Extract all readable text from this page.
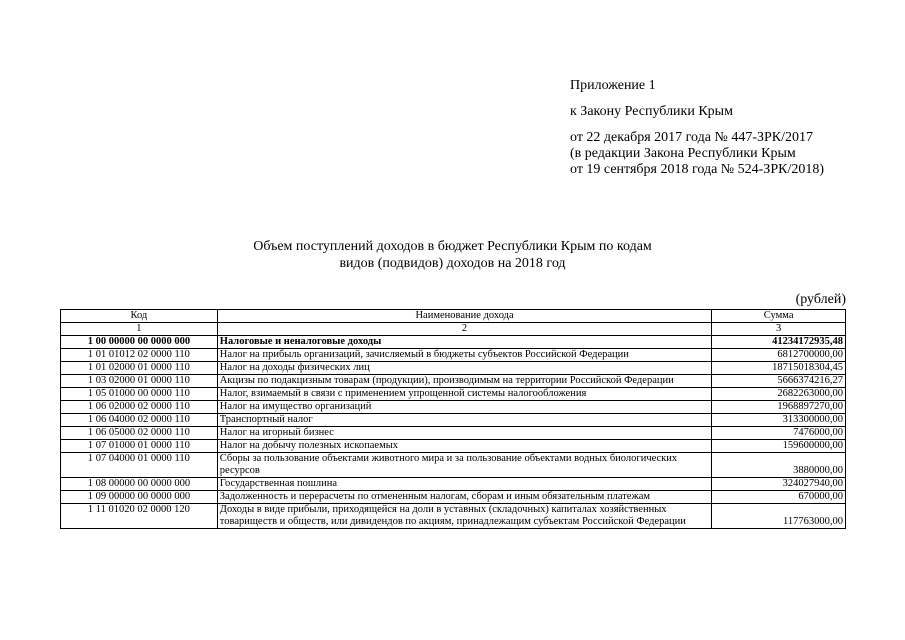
Приложение 1
к Закону Республики Крым
от 22 декабря 2017 года № 447-ЗРК/2017
(в редакции Закона Республики Крым
от 19 сентября 2018 года № 524-ЗРК/2018)
Объем поступлений доходов в бюджет Республики Крым по кодам
видов (подвидов) доходов на 2018 год
(рублей)
Код	Наименование дохода	Сумма
1	2	3
1 00 00000 00 0000 000	Налоговые и неналоговые доходы	41234172935,48
1 01 01012 02 0000 110	Налог на прибыль организаций, зачисляемый в бюджеты субъектов Российской Федерации	6812700000,00
1 01 02000 01 0000 110	Налог на доходы физических лиц	18715018304,45
1 03 02000 01 0000 110	Акцизы по подакцизным товарам (продукции), производимым на территории Российской Федерации	5666374216,27
1 05 01000 00 0000 110	Налог, взимаемый в связи с применением упрощенной системы налогообложения	2682263000,00
1 06 02000 02 0000 110	Налог на имущество организаций	1968897270,00
1 06 04000 02 0000 110	Транспортный налог	313300000,00
1 06 05000 02 0000 110	Налог на игорный бизнес	7476000,00
1 07 01000 01 0000 110	Налог на добычу полезных ископаемых	159600000,00
1 07 04000 01 0000 110	Сборы за пользование объектами животного мира и за пользование объектами водных биологических ресурсов	3880000,00
1 08 00000 00 0000 000	Государственная пошлина	324027940,00
1 09 00000 00 0000 000	Задолженность и перерасчеты по отмененным налогам, сборам и иным обязательным платежам	670000,00
1 11 01020 02 0000 120	Доходы в виде прибыли, приходящейся на доли в уставных (складочных) капиталах хозяйственных товариществ и обществ, или дивидендов по акциям, принадлежащим субъектам Российской Федерации	117763000,00
